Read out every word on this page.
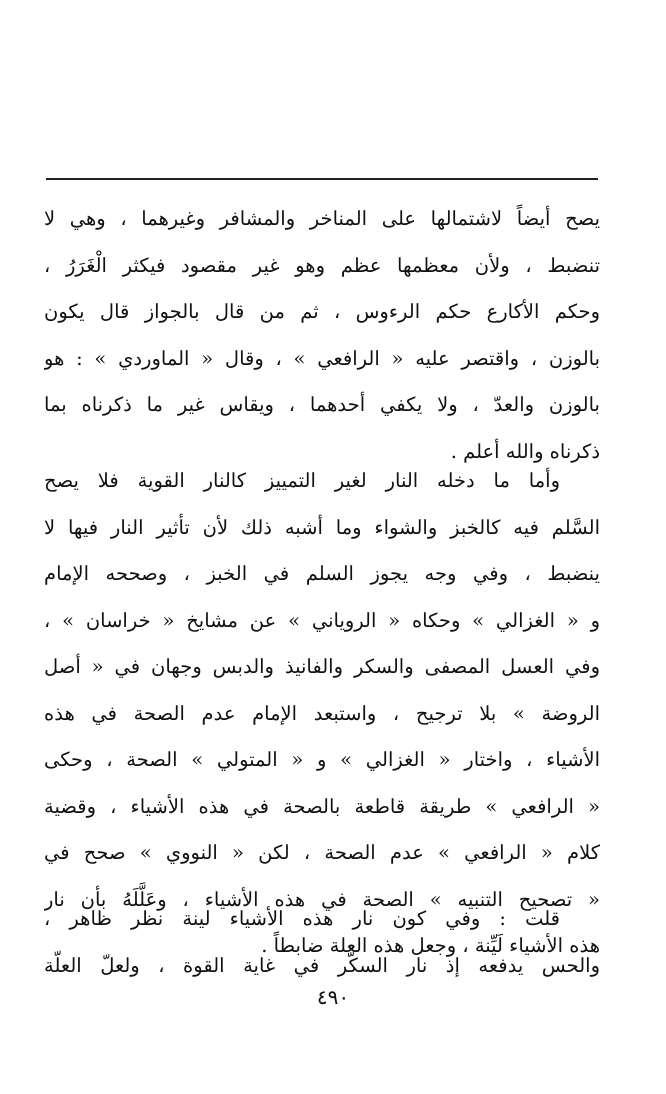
يصح أيضاً لاشتمالها على المناخر والمشافر وغيرهما ، وهي لا
تنضبط ، ولأن معظمها عظم وهو غير مقصود فيكثر الْغَرَرُ ،
وحكم الأكارع حكم الرءوس ، ثم من قال بالجواز قال يكون
بالوزن ، واقتصر عليه « الرافعي » ، وقال « الماوردي » : هو
بالوزن والعدّ ، ولا يكفي أحدهما ، ويقاس غير ما ذكرناه بما
ذكرناه والله أعلم .
وأما ما دخله النار لغير التمييز كالنار القوية فلا يصح
السَّلم فيه كالخبز والشواء وما أشبه ذلك لأن تأثير النار فيها لا
ينضبط ، وفي وجه يجوز السلم في الخبز ، وصححه الإمام
و « الغزالي » وحكاه « الروياني » عن مشايخ « خراسان » ،
وفي العسل المصفى والسكر والفانيذ والدبس وجهان في « أصل
الروضة » بلا ترجيح ، واستبعد الإمام عدم الصحة في هذه
الأشياء ، واختار « الغزالي » و « المتولي » الصحة ، وحكى
« الرافعي » طريقة قاطعة بالصحة في هذه الأشياء ، وقضية
كلام « الرافعي » عدم الصحة ، لكن « النووي » صحح في
« تصحيح التنبيه » الصحة في هذه الأشياء ، وعَلَّلَهُ بأن نار
هذه الأشياء لَيِّنة ، وجعل هذه العلة ضابطاً .
قلت : وفي كون نار هذه الأشياء لينة نظر ظاهر ،
والحس يدفعه إذ نار السكّر في غاية القوة ، ولعلّ العلّة
٤٩٠
